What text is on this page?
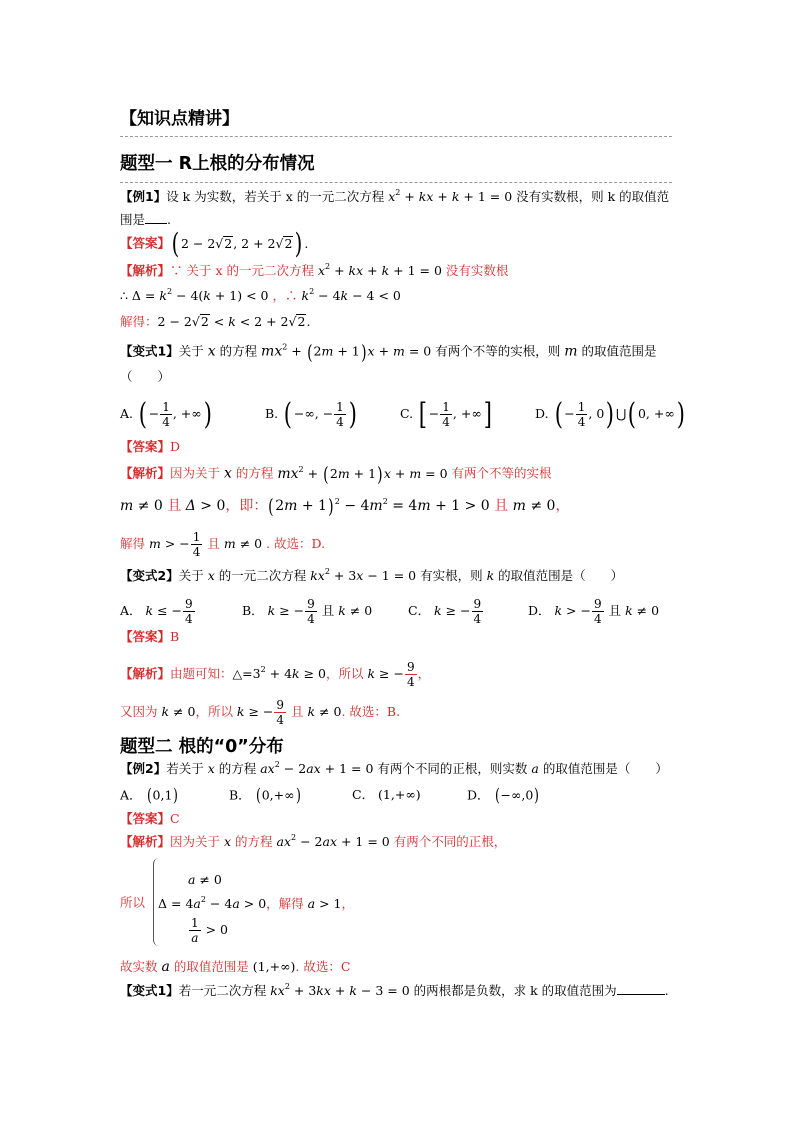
【知识点精讲】
题型一 R上根的分布情况
【例1】设 k 为实数，若关于 x 的一元二次方程 $x^2$ + kx + k + 1 = 0 没有实数根，则 k 的取值范
围是 .
【答案】( 2 − 2√2, 2 + 2√2) .
【解析】∵ 关于 x 的一元二次方程 $x^2$ + kx + k + 1 = 0 没有实数根
∴ $\Delta = k^2 - 4(k + 1) < 0$ ，∴ $k^2 - 4k - 4 < 0$
解得：2 − 2√2 < k < 2 + 2√2.
【变式1】关于 x 的方程 $mx^2 + (2m + 1)x + m = 0$ 有两个不等的实根，则 m 的取值范围是
（　　）
A. ( − $\frac{1}{4}$ , +∞)	B. ( −∞, − $\frac{1}{4}$ )	C. [ − $\frac{1}{4}$ , +∞]	D. ( − $\frac{1}{4}$ , 0) ⋃( 0, +∞)
【答案】D
【解析】因为关于 x 的方程 $mx^2 + (2m + 1)x + m = 0$ 有两个不等的实根
m ≠ 0 且 Δ > 0，即：$(2m + 1)^2 - 4m^2 = 4m + 1 > 0$ 且 m ≠ 0，
解得 m > − $\frac{1}{4}$ 且 m ≠ 0 . 故选：D.
【变式2】关于 x 的一元二次方程 $kx^2 + 3x - 1 = 0$ 有实根，则 k 的取值范围是（　　）
A． k ≤ − $\frac{9}{4}$	B． k ≥ − $\frac{9}{4}$ 且 k ≠ 0	C． k ≥ − $\frac{9}{4}$	D． k > − $\frac{9}{4}$ 且 k ≠ 0
【答案】B
【解析】由题可知：$\triangle=3^2 + 4k \ge 0$，所以 k ≥ − $\frac{9}{4}$ ，
又因为 k ≠ 0，所以 k ≥ − $\frac{9}{4}$ 且 k ≠ 0. 故选：B.
题型二 根的“0”分布
【例2】若关于 x 的方程 $ax^2 - 2ax + 1 = 0$ 有两个不同的正根，则实数 a 的取值范围是（　　）
A． (0,1)	B． (0,+∞)	C． (1,+∞)	D． (−∞,0)
【答案】C
【解析】因为关于 x 的方程 $ax^2 - 2ax + 1 = 0$ 有两个不同的正根，
所以
a ≠ 0
$\Delta = 4a^2 - 4a > 0$，解得 a > 1，
$\frac{1}{a} > 0$
故实数 a 的取值范围是 (1,+∞). 故选：C
【变式1】若一元二次方程 $kx^2 + 3kx + k - 3 = 0$ 的两根都是负数，求 k 的取值范围为	.
